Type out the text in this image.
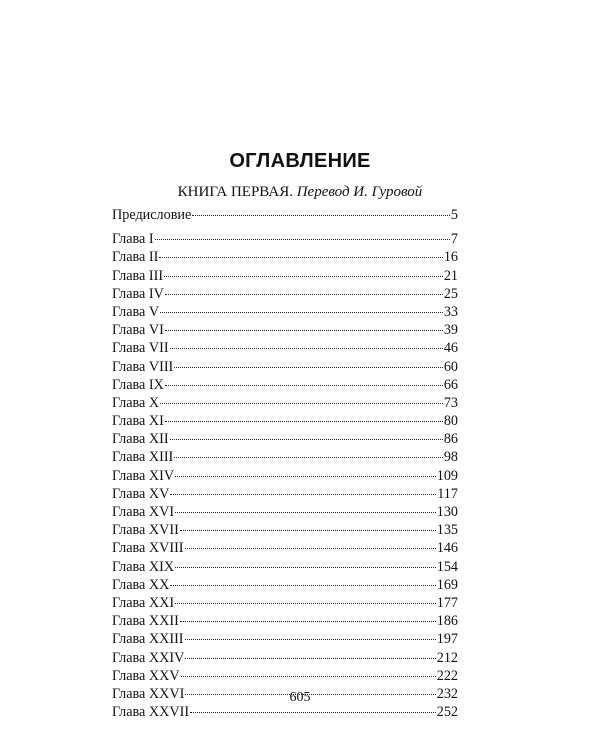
ОГЛАВЛЕНИЕ
КНИГА ПЕРВАЯ. Перевод И. Гуровой
Предисловие	5
Глава I	7
Глава II	16
Глава III	21
Глава IV	25
Глава V	33
Глава VI	39
Глава VII	46
Глава VIII	60
Глава IX	66
Глава X	73
Глава XI	80
Глава XII	86
Глава XIII	98
Глава XIV	109
Глава XV	117
Глава XVI	130
Глава XVII	135
Глава XVIII	146
Глава XIX	154
Глава XX	169
Глава XXI	177
Глава XXII	186
Глава XXIII	197
Глава XXIV	212
Глава XXV	222
Глава XXVI	232
Глава XXVII	252
605
